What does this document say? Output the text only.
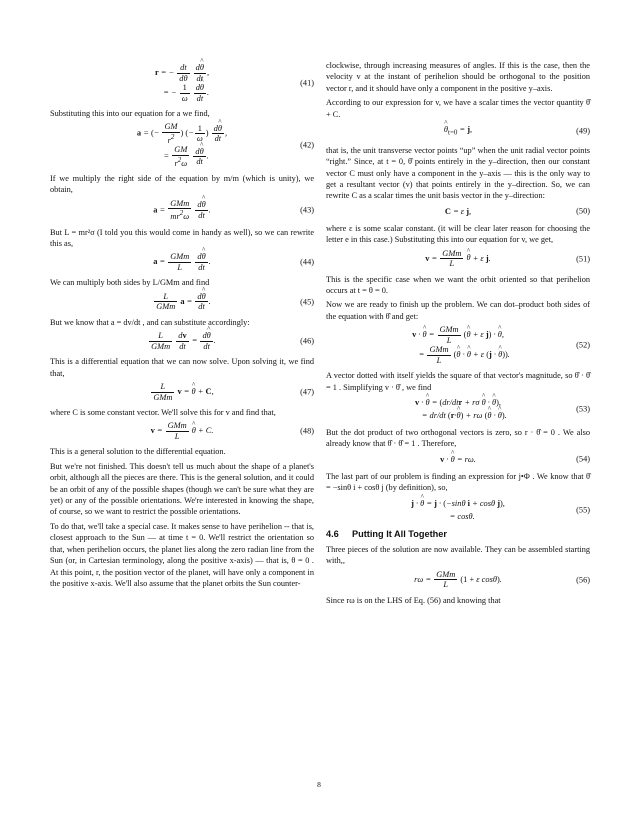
r = − $\frac{dt}{d\theta}$
$\frac{d\^{} \theta}{dt}$ ,
= − $\frac{1}{\omega}$
$\frac{d\^{} \theta}{dt}$ .
(41)

Substituting this into our equation for a we find,

a = (− $\frac{GM}{r^2}$ ) (− $\frac{1}{\omega}$ ) $\frac{d\^{} \theta}{dt}$ ,
= $\frac{GM}{r^2\omega}$
$\frac{d\^{} \theta}{dt}$ .
(42)

If we multiply the right side of the equation by m/m (which is unity), we obtain,

$a = \frac{\text{GMm}}{mr^2\omega}$
$\frac{d\^{} \theta}{dt}$ .	(43)

But L = mr²σ (I told you this would come in handy as well), so we can rewrite this as,

$a = \frac{\text{GMm}}{L}$
$\frac{d\^{} \theta}{dt}$ .	(44)

We can multiply both sides by L/GMm and find

$\frac{L}{\text{GMm}}$ $a = \frac{d\^{} \theta}{dt}$ .	(45)

But we know that a = dv/dt , and can substitute accordingly:

$\frac{L}{\text{GMm}}$
$\frac{dv}{dt} = \frac{d\^{} \theta}{dt}$ .	(46)

This is a differential equation that we can now solve. Upon solving it, we find that,

$\frac{L}{\text{GMm}}$ v = ^ θ + C,	(47)

where C is some constant vector. We'll solve this for v and find that,

$v = \frac{\text{GMm}}{L}$ ^ θ + C.	(48)

This is a general solution to the differential equation.

But we're not finished. This doesn't tell us much about the shape of a planet's orbit, although all the pieces are there. This is the general solution, and it could be an orbit of any of the possible shapes (though we can't be sure what they are yet) or any of the possible orientations. We're interested in knowing the shape, of course, so we want to restrict the possible orientations.

To do that, we'll take a special case. It makes sense to have perihelion -- that is, closest approach to the Sun — at time t = 0. We'll restrict the orientation so that, when perihelion occurs, the planet lies along the zero radian line from the Sun (or, in Cartesian terminology, along the positive x-axis) — that is, θ = 0 . At this point, r, the position vector of the planet, will have only a component in the positive x-axis. We'll also assume that the planet orbits the Sun counter-

clockwise, through increasing measures of angles. If this is the case, then the velocity v at the instant of perihelion should be orthogonal to the position vector r, and it should have only a component in the positive y–axis.

According to our expression for v, we have a scalar times the vector quantity θ̂ + C.

^ $\theta_{t=0} = j$,	(49)

that is, the unit transverse vector points “up” when the unit radial vector points “right.” Since, at t = 0, θ̂ points entirely in the y–direction, then our constant vector C must only have a component in the y–axis — this is the only way to get a resultant vector (v) that points entirely in the y–direction. So, we can rewrite C as a scalar times the unit basis vector in the y–direction:

C = ε j,	(50)

where ε is some scalar constant. (it will be clear later reason for choosing the letter e in this case.) Substituting this into our equation for v, we get,

$v = \frac{\text{GMm}}{L}$ ^ θ + ε j.	(51)

This is the specific case when we want the orbit oriented so that perihelion occurs at t = θ = 0.

Now we are ready to finish up the problem. We can dot–product both sides of the equation with θ̂ and get:

v · ^ $\theta = \frac{\text{GMm}}{L}$ (^ θ + ε j) · ^ θ,
= $\frac{\text{GMm}}{L}$ (^ θ · ^ θ + ε (j · ^ θ)).
(52)

A vector dotted with itself yields the square of that vector's magnitude, so θ̂ · θ̂ = 1 . Simplifying v · θ̂ , we find

v · ^ θ = (dr/dtr + rσ ^ θ · ^ θ),
= dr/dt (r·^ θ) + rω (^ θ · ^ θ).
(53)

But the dot product of two orthogonal vectors is zero, so r · θ̂ = 0 . We also already know that θ̂ · θ̂ = 1 . Therefore,

v · ^ θ = rω.	(54)

The last part of our problem is finding an expression for j•Φ . We know that θ̂ = −sinθ i + cosθ j (by definition), so,

j · ^ θ = j · (−sinθ i + cosθ j),
= cosθ.
(55)
4.6 Putting It All Together

Three pieces of the solution are now available. They can be assembled starting with,,

$r\omega = \frac{\text{GMm}}{L} (1 + \varepsilon$ cosθ).	(56)

Since rω is on the LHS of Eq. (56) and knowing that

8
